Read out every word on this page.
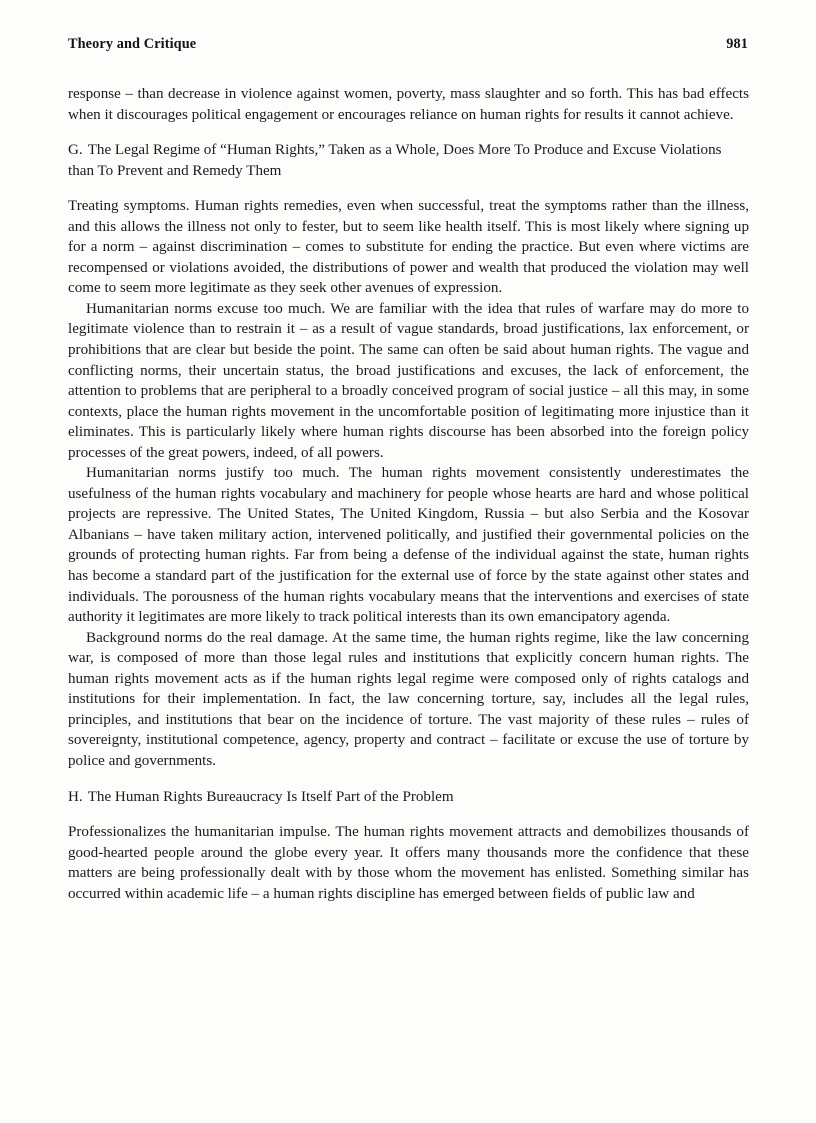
Theory and Critique	981

response – than decrease in violence against women, poverty, mass slaughter and so forth. This has bad effects when it discourages political engagement or encourages reliance on human rights for results it cannot achieve.

G. The Legal Regime of “Human Rights,” Taken as a Whole, Does More To Produce and Excuse Violations than To Prevent and Remedy Them

Treating symptoms. Human rights remedies, even when successful, treat the symptoms rather than the illness, and this allows the illness not only to fester, but to seem like health itself. This is most likely where signing up for a norm – against discrimination – comes to substitute for ending the practice. But even where victims are recompensed or violations avoided, the distributions of power and wealth that produced the violation may well come to seem more legitimate as they seek other avenues of expression.

Humanitarian norms excuse too much. We are familiar with the idea that rules of warfare may do more to legitimate violence than to restrain it – as a result of vague standards, broad justifications, lax enforcement, or prohibitions that are clear but beside the point. The same can often be said about human rights. The vague and conflicting norms, their uncertain status, the broad justifications and excuses, the lack of enforcement, the attention to problems that are peripheral to a broadly conceived program of social justice – all this may, in some contexts, place the human rights movement in the uncomfortable position of legitimating more injustice than it eliminates. This is particularly likely where human rights discourse has been absorbed into the foreign policy processes of the great powers, indeed, of all powers.

Humanitarian norms justify too much. The human rights movement consistently underestimates the usefulness of the human rights vocabulary and machinery for people whose hearts are hard and whose political projects are repressive. The United States, The United Kingdom, Russia – but also Serbia and the Kosovar Albanians – have taken military action, intervened politically, and justified their governmental policies on the grounds of protecting human rights. Far from being a defense of the individual against the state, human rights has become a standard part of the justification for the external use of force by the state against other states and individuals. The porousness of the human rights vocabulary means that the interventions and exercises of state authority it legitimates are more likely to track political interests than its own emancipatory agenda.

Background norms do the real damage. At the same time, the human rights regime, like the law concerning war, is composed of more than those legal rules and institutions that explicitly concern human rights. The human rights movement acts as if the human rights legal regime were composed only of rights catalogs and institutions for their implementation. In fact, the law concerning torture, say, includes all the legal rules, principles, and institutions that bear on the incidence of torture. The vast majority of these rules – rules of sovereignty, institutional competence, agency, property and contract – facilitate or excuse the use of torture by police and governments.

H. The Human Rights Bureaucracy Is Itself Part of the Problem

Professionalizes the humanitarian impulse. The human rights movement attracts and demobilizes thousands of good-hearted people around the globe every year. It offers many thousands more the confidence that these matters are being professionally dealt with by those whom the movement has enlisted. Something similar has occurred within academic life – a human rights discipline has emerged between fields of public law and
